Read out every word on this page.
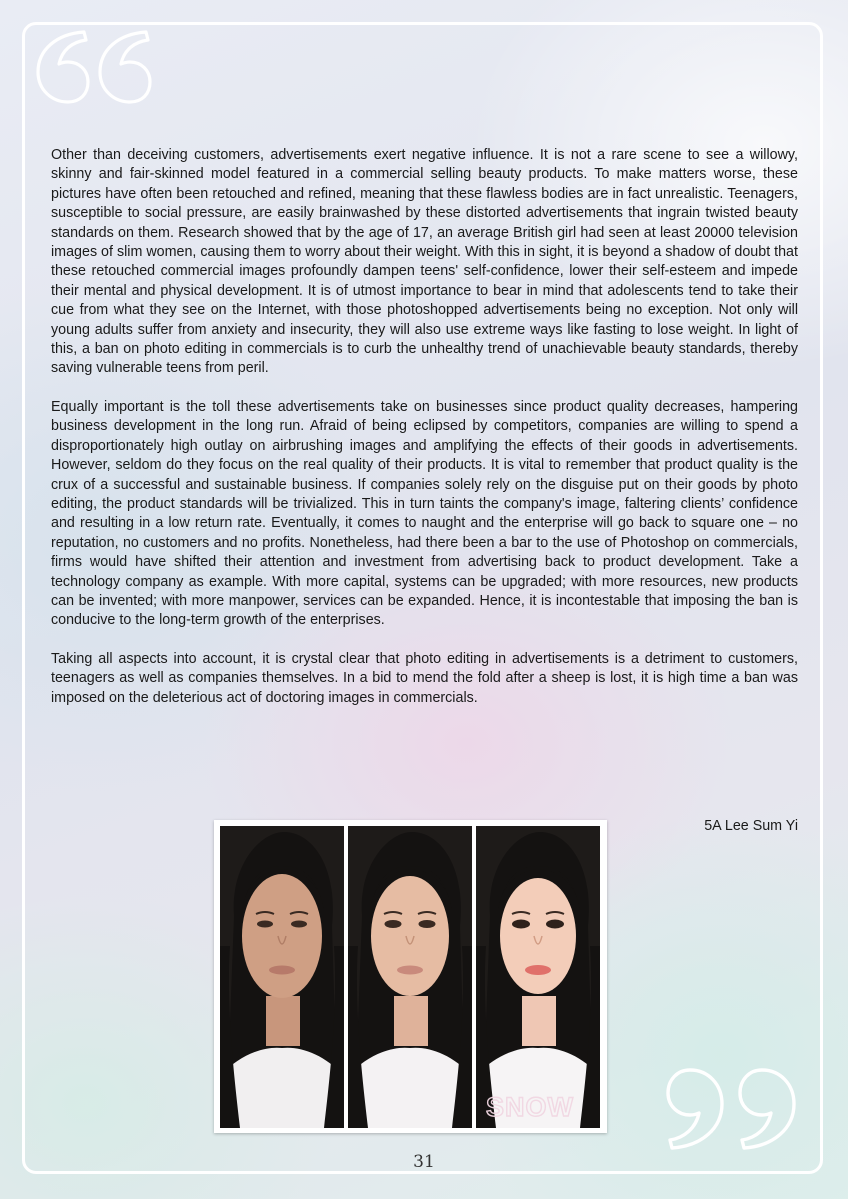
Other than deceiving customers, advertisements exert negative influence. It is not a rare scene to see a willowy, skinny and fair-skinned model featured in a commercial selling beauty products. To make matters worse, these pictures have often been retouched and refined, meaning that these flawless bodies are in fact unrealistic. Teenagers, susceptible to social pressure, are easily brainwashed by these distorted advertisements that ingrain twisted beauty standards on them. Research showed that by the age of 17, an average British girl had seen at least 20000 television images of slim women, causing them to worry about their weight. With this in sight, it is beyond a shadow of doubt that these retouched commercial images profoundly dampen teens' self-confidence, lower their self-esteem and impede their mental and physical development. It is of utmost importance to bear in mind that adolescents tend to take their cue from what they see on the Internet, with those photoshopped advertisements being no exception. Not only will young adults suffer from anxiety and insecurity, they will also use extreme ways like fasting to lose weight. In light of this, a ban on photo editing in commercials is to curb the unhealthy trend of unachievable beauty standards, thereby saving vulnerable teens from peril.

Equally important is the toll these advertisements take on businesses since product quality decreases, hampering business development in the long run. Afraid of being eclipsed by competitors, companies are willing to spend a disproportionately high outlay on airbrushing images and amplifying the effects of their goods in advertisements. However, seldom do they focus on the real quality of their products. It is vital to remember that product quality is the crux of a successful and sustainable business. If companies solely rely on the disguise put on their goods by photo editing, the product standards will be trivialized. This in turn taints the company's image, faltering clients’ confidence and resulting in a low return rate. Eventually, it comes to naught and the enterprise will go back to square one – no reputation, no customers and no profits. Nonetheless, had there been a bar to the use of Photoshop on commercials, firms would have shifted their attention and investment from advertising back to product development. Take a technology company as example. With more capital, systems can be upgraded; with more resources, new products can be invented; with more manpower, services can be expanded. Hence, it is incontestable that imposing the ban is conducive to the long-term growth of the enterprises.

Taking all aspects into account, it is crystal clear that photo editing in advertisements is a detriment to customers, teenagers as well as companies themselves. In a bid to mend the fold after a sheep is lost, it is high time a ban was imposed on the deleterious act of doctoring images in commercials.

5A Lee Sum Yi
SNOW
31
